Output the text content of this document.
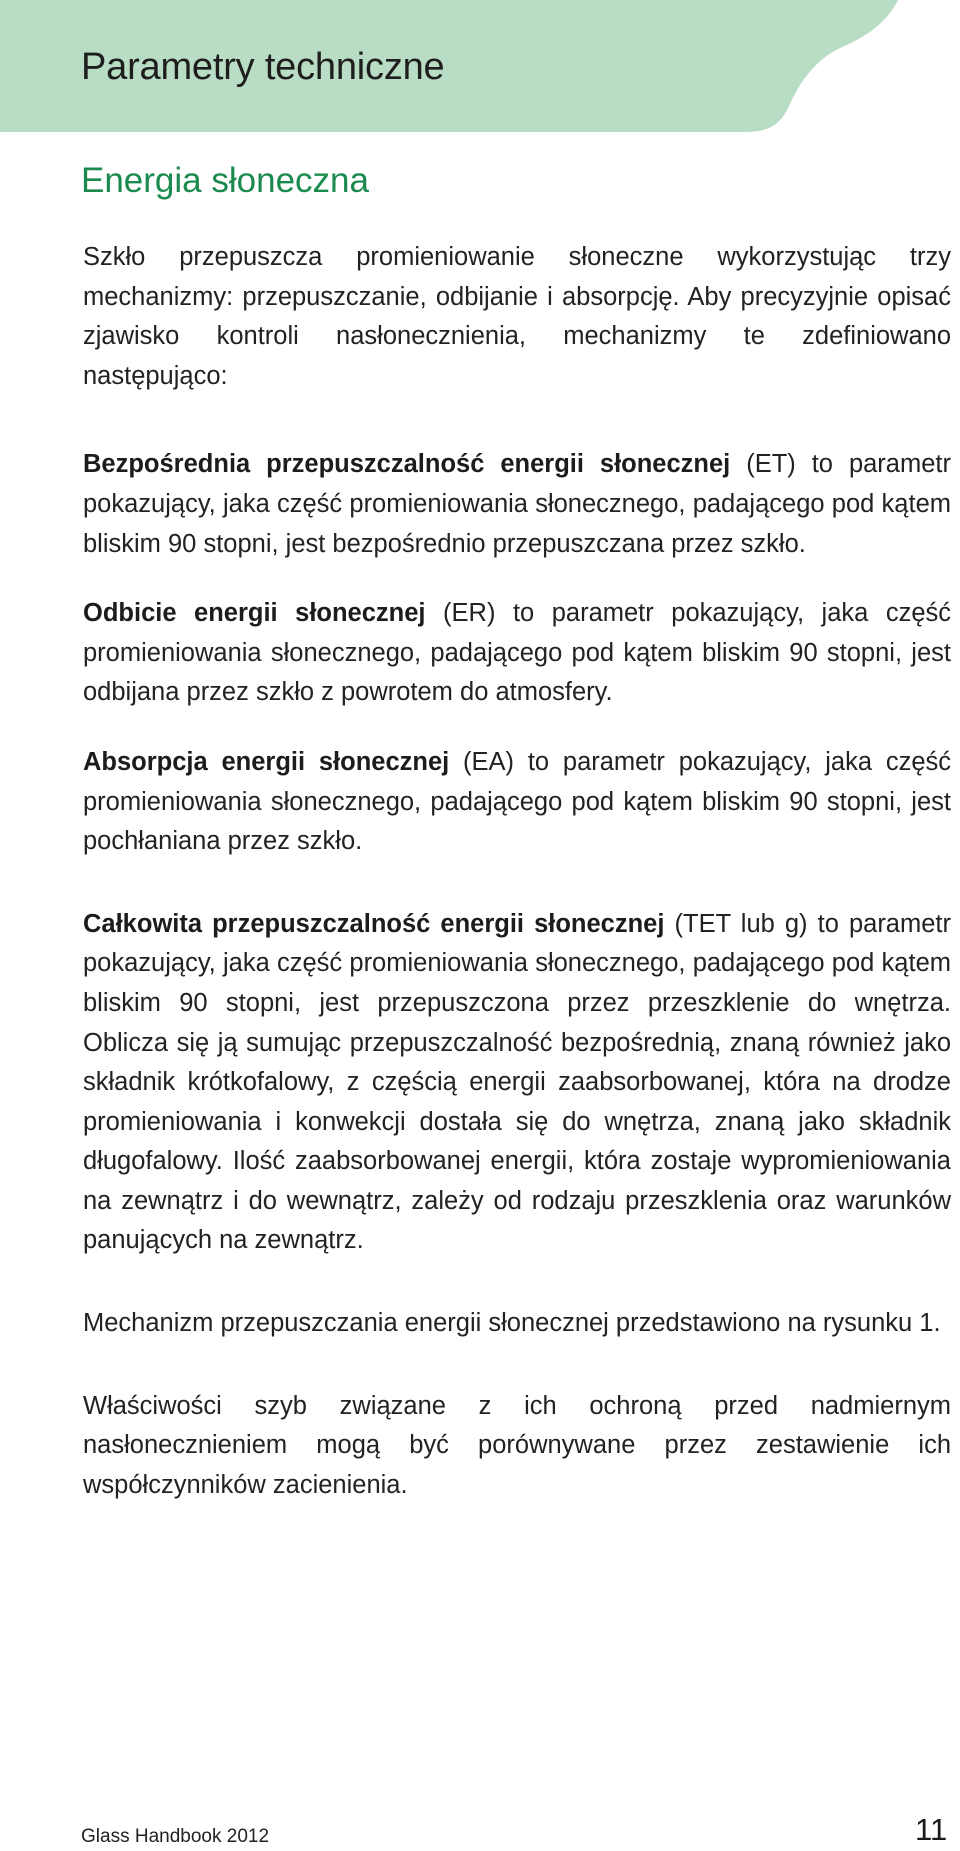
Parametry techniczne
Energia słoneczna

Szkło przepuszcza promieniowanie słoneczne wykorzystując trzy mechanizmy: przepuszczanie, odbijanie i absorpcję. Aby precyzyjnie opisać zjawisko kontroli nasłonecznienia, mechanizmy te zdefiniowano następująco:

Bezpośrednia przepuszczalność energii słonecznej (ET) to parametr pokazujący, jaka część promieniowania słonecznego, padającego pod kątem bliskim 90 stopni, jest bezpośrednio przepuszczana przez szkło.

Odbicie energii słonecznej (ER) to parametr pokazujący, jaka część promieniowania słonecznego, padającego pod kątem bliskim 90 stopni, jest odbijana przez szkło z powrotem do atmosfery.

Absorpcja energii słonecznej (EA) to parametr pokazujący, jaka część promieniowania słonecznego, padającego pod kątem bliskim 90 stopni, jest pochłaniana przez szkło.

Całkowita przepuszczalność energii słonecznej (TET lub g) to parametr pokazujący, jaka część promieniowania słonecznego, padającego pod kątem bliskim 90 stopni, jest przepuszczona przez przeszklenie do wnętrza. Oblicza się ją sumując przepuszczalność bezpośrednią, znaną również jako składnik krótkofalowy, z częścią energii zaabsorbowanej, która na drodze promieniowania i konwekcji dostała się do wnętrza, znaną jako składnik długofalowy. Ilość zaabsorbowanej energii, która zostaje wypromieniowania na zewnątrz i do wewnątrz, zależy od rodzaju przeszklenia oraz warunków panujących na zewnątrz.

Mechanizm przepuszczania energii słonecznej przedstawiono na rysunku 1.

Właściwości szyb związane z ich ochroną przed nadmiernym nasłonecznieniem mogą być porównywane przez zestawienie ich współczynników zacienienia.

Glass Handbook 2012	11
